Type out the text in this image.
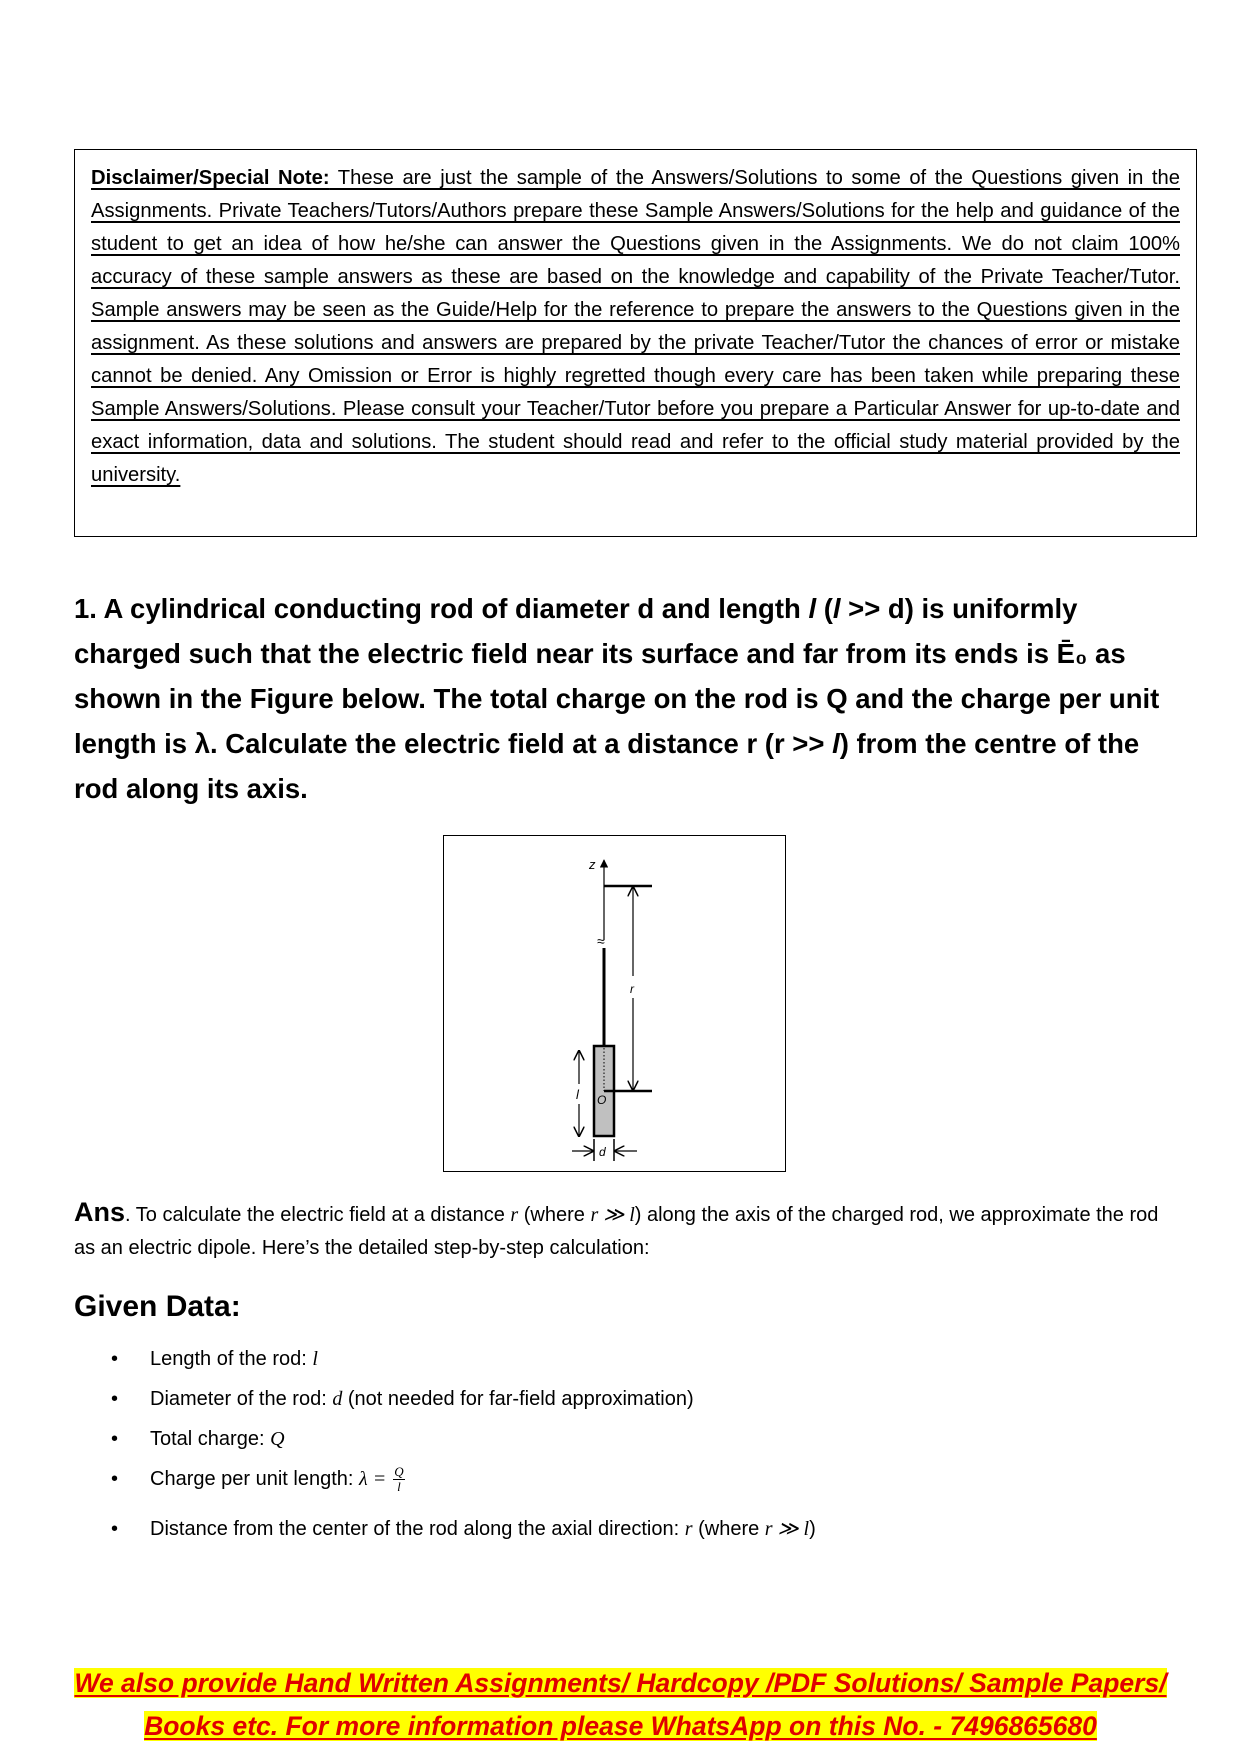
Disclaimer/Special Note: These are just the sample of the Answers/Solutions to some of the Questions given in the Assignments. Private Teachers/Tutors/Authors prepare these Sample Answers/Solutions for the help and guidance of the student to get an idea of how he/she can answer the Questions given in the Assignments. We do not claim 100% accuracy of these sample answers as these are based on the knowledge and capability of the Private Teacher/Tutor. Sample answers may be seen as the Guide/Help for the reference to prepare the answers to the Questions given in the assignment. As these solutions and answers are prepared by the private Teacher/Tutor the chances of error or mistake cannot be denied. Any Omission or Error is highly regretted though every care has been taken while preparing these Sample Answers/Solutions. Please consult your Teacher/Tutor before you prepare a Particular Answer for up-to-date and exact information, data and solutions. The student should read and refer to the official study material provided by the university.

1. A cylindrical conducting rod of diameter d and length l (l >> d) is uniformly charged such that the electric field near its surface and far from its ends is Ē₀ as shown in the Figure below. The total charge on the rod is Q and the charge per unit length is λ. Calculate the electric field at a distance r (r >> l) from the centre of the rod along its axis.

z
≈
O
r
l
d

Ans. To calculate the electric field at a distance r (where r ≫ l) along the axis of the charged rod, we approximate the rod as an electric dipole. Here’s the detailed step-by-step calculation:

Given Data:
• Length of the rod: l
• Diameter of the rod: d (not needed for far-field approximation)
• Total charge: Q
• Charge per unit length: $\lambda = \frac{Q}{l}$
• Distance from the center of the rod along the axial direction: r (where r ≫ l)
We also provide Hand Written Assignments/ Hardcopy /PDF Solutions/ Sample Papers/
Books etc. For more information please WhatsApp on this No. - 7496865680
